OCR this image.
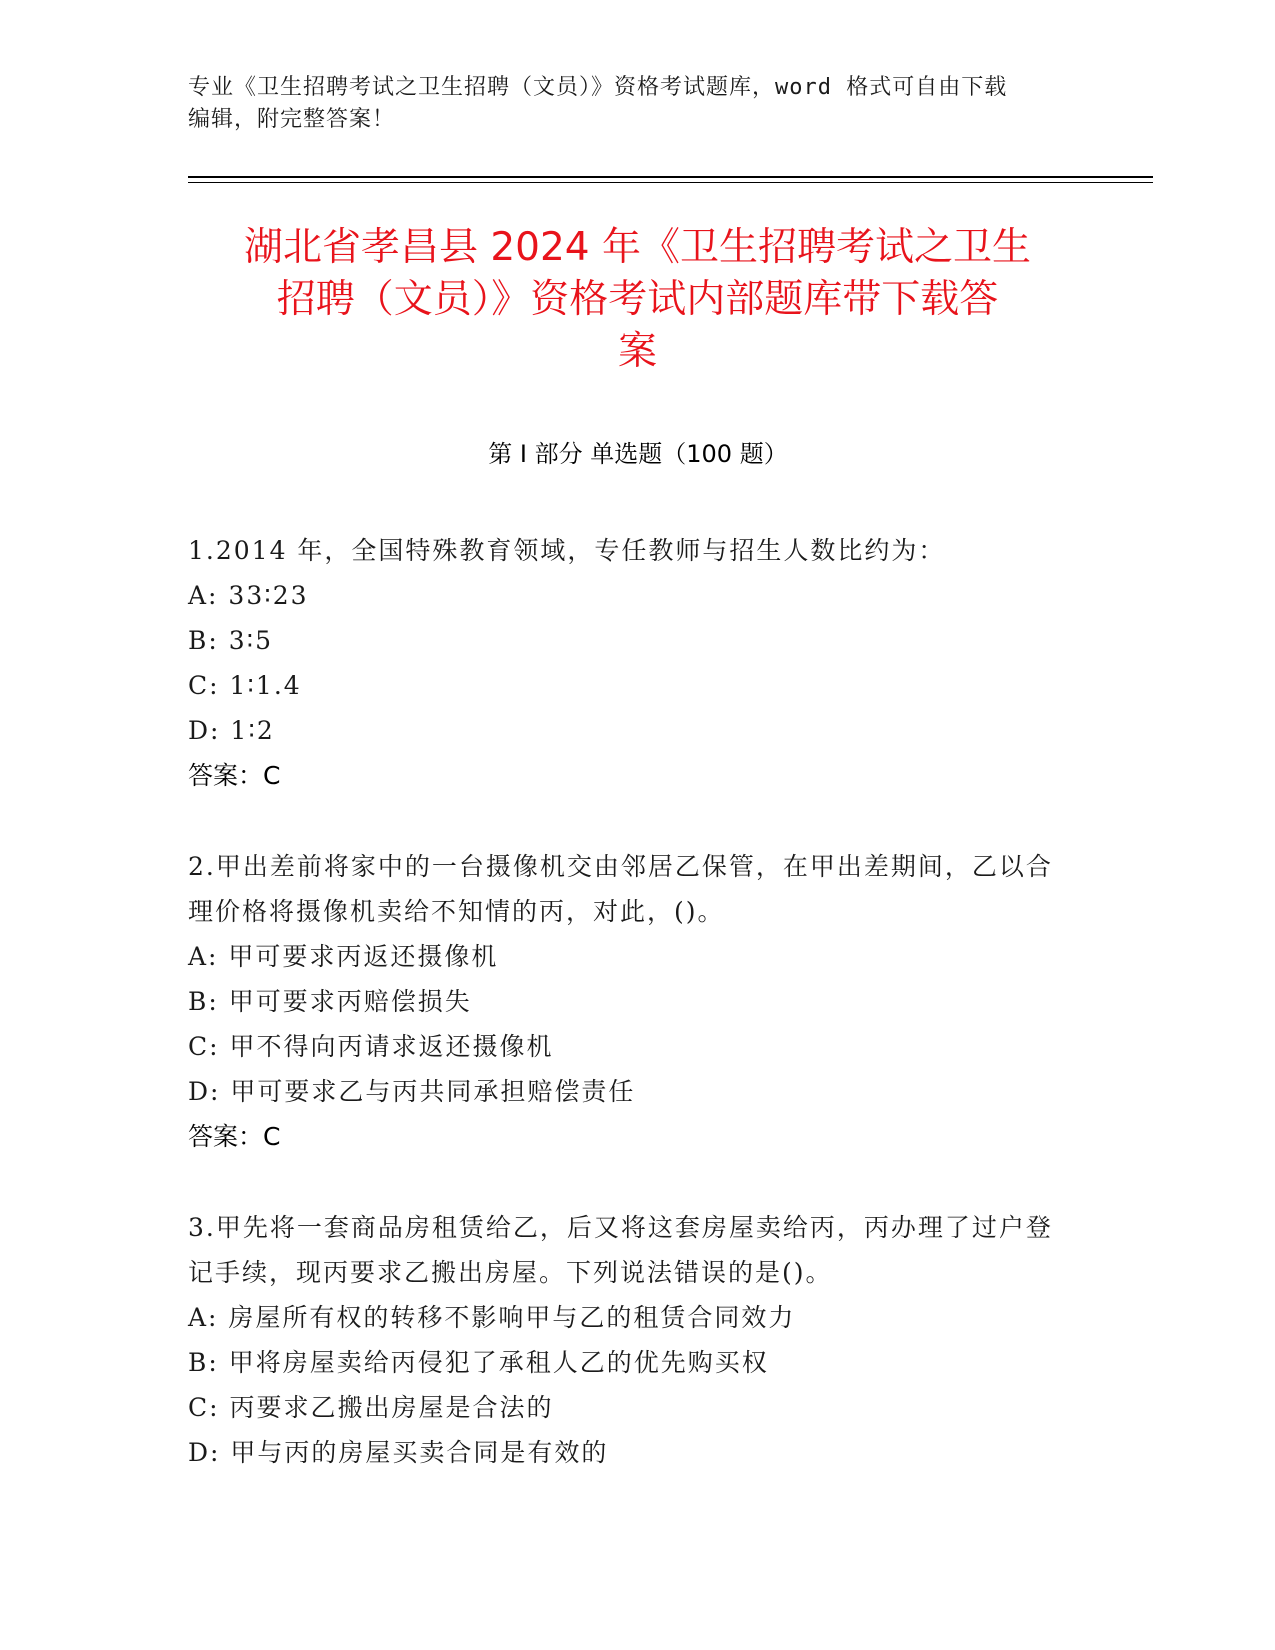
专业《卫生招聘考试之卫生招聘（文员）》资格考试题库，word 格式可自由下载
编辑，附完整答案！
湖北省孝昌县 2024 年《卫生招聘考试之卫生
招聘（文员）》资格考试内部题库带下载答
案
第 I 部分 单选题（100 题）
1.2014 年，全国特殊教育领域，专任教师与招生人数比约为：
A: 33∶23
B: 3∶5
C: 1∶1.4
D: 1∶2
答案：C
2.甲出差前将家中的一台摄像机交由邻居乙保管，在甲出差期间，乙以合理价格将摄像机卖给不知情的丙，对此，()。
A: 甲可要求丙返还摄像机
B: 甲可要求丙赔偿损失
C: 甲不得向丙请求返还摄像机
D: 甲可要求乙与丙共同承担赔偿责任
答案：C
3.甲先将一套商品房租赁给乙，后又将这套房屋卖给丙，丙办理了过户登记手续，现丙要求乙搬出房屋。下列说法错误的是()。
A: 房屋所有权的转移不影响甲与乙的租赁合同效力
B: 甲将房屋卖给丙侵犯了承租人乙的优先购买权
C: 丙要求乙搬出房屋是合法的
D: 甲与丙的房屋买卖合同是有效的
